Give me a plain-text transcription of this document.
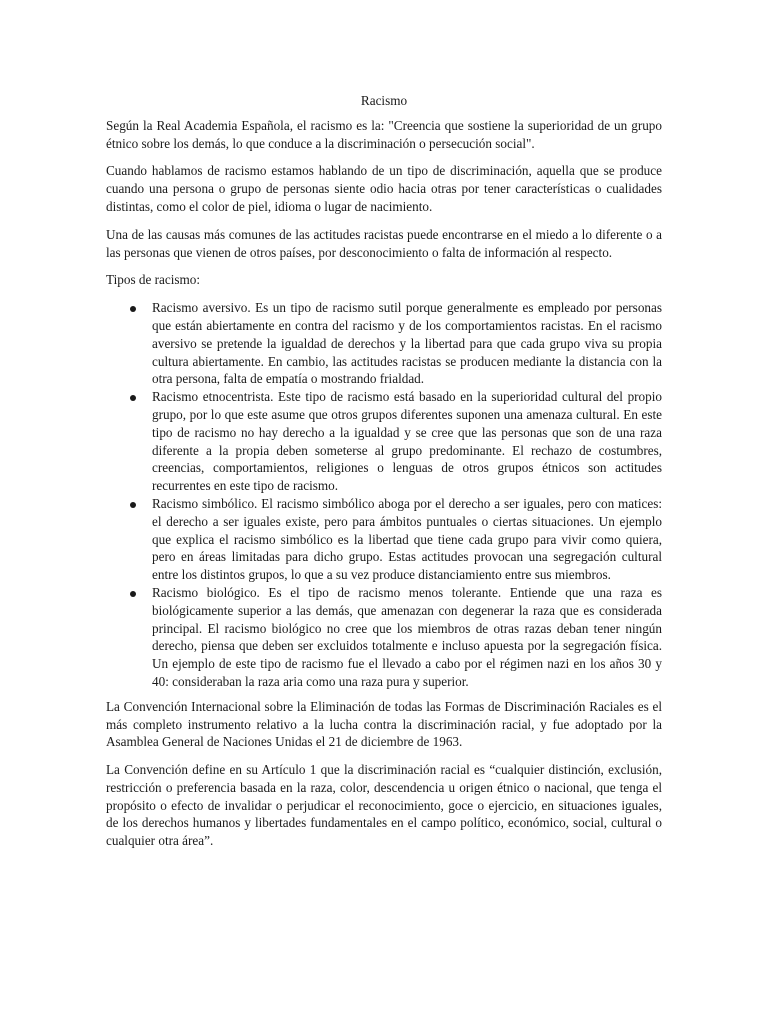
Racismo

Según la Real Academia Española, el racismo es la: "Creencia que sostiene la superioridad de un grupo étnico sobre los demás, lo que conduce a la discriminación o persecución social".

Cuando hablamos de racismo estamos hablando de un tipo de discriminación, aquella que se produce cuando una persona o grupo de personas siente odio hacia otras por tener características o cualidades distintas, como el color de piel, idioma o lugar de nacimiento.

Una de las causas más comunes de las actitudes racistas puede encontrarse en el miedo a lo diferente o a las personas que vienen de otros países, por desconocimiento o falta de información al respecto.

Tipos de racismo:

Racismo aversivo. Es un tipo de racismo sutil porque generalmente es empleado por personas que están abiertamente en contra del racismo y de los comportamientos racistas. En el racismo aversivo se pretende la igualdad de derechos y la libertad para que cada grupo viva su propia cultura abiertamente. En cambio, las actitudes racistas se producen mediante la distancia con la otra persona, falta de empatía o mostrando frialdad.
Racismo etnocentrista. Este tipo de racismo está basado en la superioridad cultural del propio grupo, por lo que este asume que otros grupos diferentes suponen una amenaza cultural. En este tipo de racismo no hay derecho a la igualdad y se cree que las personas que son de una raza diferente a la propia deben someterse al grupo predominante. El rechazo de costumbres, creencias, comportamientos, religiones o lenguas de otros grupos étnicos son actitudes recurrentes en este tipo de racismo.
Racismo simbólico. El racismo simbólico aboga por el derecho a ser iguales, pero con matices: el derecho a ser iguales existe, pero para ámbitos puntuales o ciertas situaciones. Un ejemplo que explica el racismo simbólico es la libertad que tiene cada grupo para vivir como quiera, pero en áreas limitadas para dicho grupo. Estas actitudes provocan una segregación cultural entre los distintos grupos, lo que a su vez produce distanciamiento entre sus miembros.
Racismo biológico. Es el tipo de racismo menos tolerante. Entiende que una raza es biológicamente superior a las demás, que amenazan con degenerar la raza que es considerada principal. El racismo biológico no cree que los miembros de otras razas deban tener ningún derecho, piensa que deben ser excluidos totalmente e incluso apuesta por la segregación física. Un ejemplo de este tipo de racismo fue el llevado a cabo por el régimen nazi en los años 30 y 40: consideraban la raza aria como una raza pura y superior.

La Convención Internacional sobre la Eliminación de todas las Formas de Discriminación Raciales es el más completo instrumento relativo a la lucha contra la discriminación racial, y fue adoptado por la Asamblea General de Naciones Unidas el 21 de diciembre de 1963.

La Convención define en su Artículo 1 que la discriminación racial es “cualquier distinción, exclusión, restricción o preferencia basada en la raza, color, descendencia u origen étnico o nacional, que tenga el propósito o efecto de invalidar o perjudicar el reconocimiento, goce o ejercicio, en situaciones iguales, de los derechos humanos y libertades fundamentales en el campo político, económico, social, cultural o cualquier otra área”.
